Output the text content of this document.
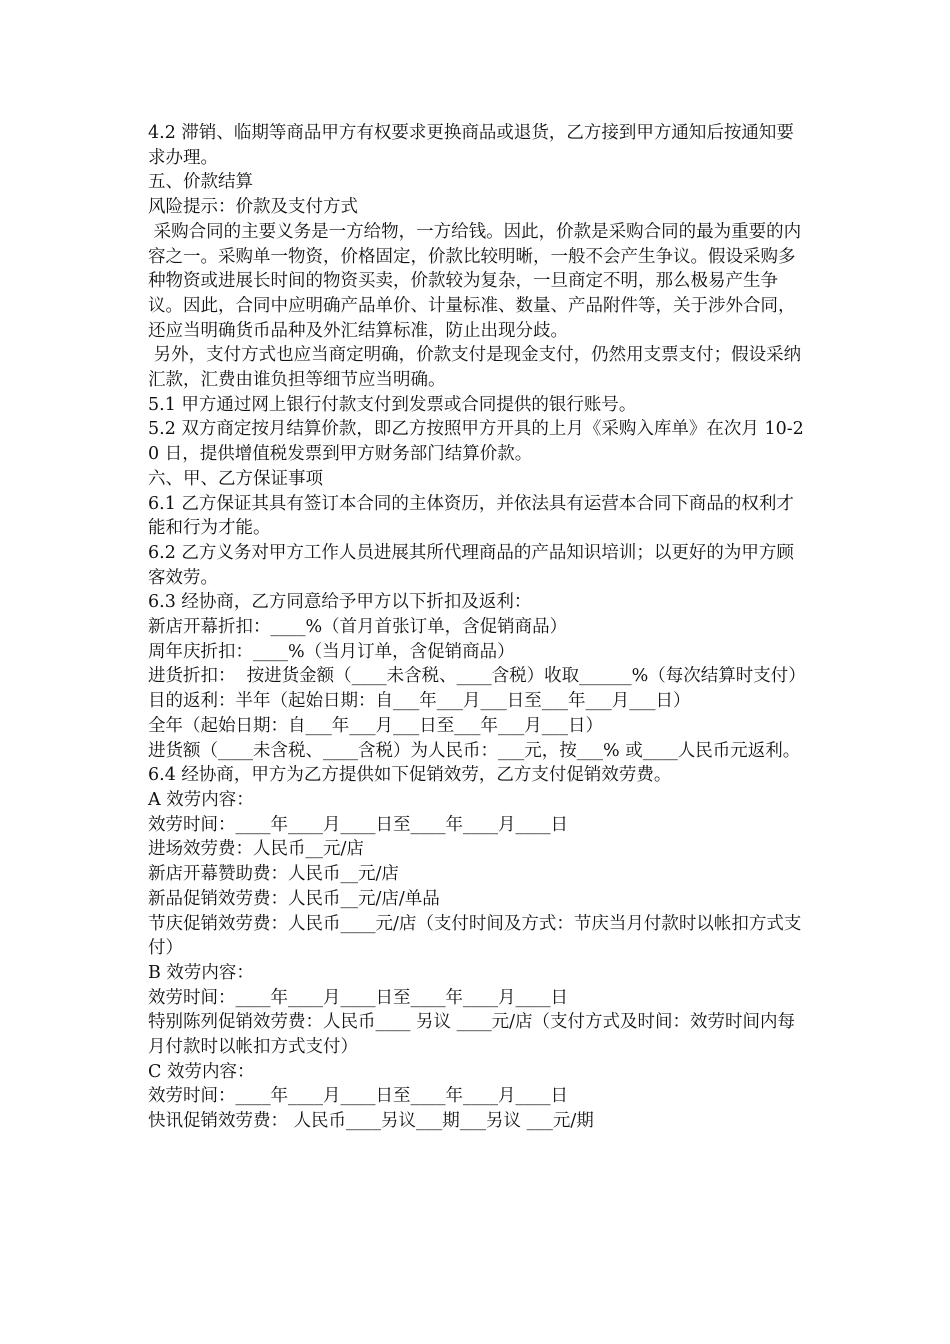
4.2 滞销、临期等商品甲方有权要求更换商品或退货，乙方接到甲方通知后按通知要求办理。

五、价款结算

风险提示：价款及支付方式

采购合同的主要义务是一方给物，一方给钱。因此，价款是采购合同的最为重要的内容之一。采购单一物资，价格固定，价款比较明晰，一般不会产生争议。假设采购多种物资或进展长时间的物资买卖，价款较为复杂，一旦商定不明，那么极易产生争议。因此，合同中应明确产品单价、计量标准、数量、产品附件等，关于涉外合同，还应当明确货币品种及外汇结算标准，防止出现分歧。

另外，支付方式也应当商定明确，价款支付是现金支付，仍然用支票支付；假设采纳汇款，汇费由谁负担等细节应当明确。

5.1 甲方通过网上银行付款支付到发票或合同提供的银行账号。

5.2 双方商定按月结算价款，即乙方按照甲方开具的上月《采购入库单》在次月 10-20 日，提供增值税发票到甲方财务部门结算价款。

六、甲、乙方保证事项

6.1 乙方保证其具有签订本合同的主体资历，并依法具有运营本合同下商品的权利才能和行为才能。

6.2 乙方义务对甲方工作人员进展其所代理商品的产品知识培训；以更好的为甲方顾客效劳。

6.3 经协商，乙方同意给予甲方以下折扣及返利：

新店开幕折扣：____%（首月首张订单，含促销商品）

周年庆折扣：____%（当月订单，含促销商品）

进货折扣：  按进货金额（____未含税、____含税）收取______%（每次结算时支付）

目的返利：半年（起始日期：自___年___月___日至___年___月___日）

全年（起始日期：自___年___月___日至___年___月___日）

进货额（____未含税、____含税）为人民币：___元，按___% 或____人民币元返利。

6.4 经协商，甲方为乙方提供如下促销效劳，乙方支付促销效劳费。

A 效劳内容：

效劳时间：____年____月____日至____年____月____日

进场效劳费：人民币__元/店

新店开幕赞助费：人民币__元/店

新品促销效劳费：人民币__元/店/单品

节庆促销效劳费：人民币____元/店（支付时间及方式：节庆当月付款时以帐扣方式支付）

B 效劳内容：

效劳时间：____年____月____日至____年____月____日

特别陈列促销效劳费：人民币____ 另议 ____元/店（支付方式及时间：效劳时间内每月付款时以帐扣方式支付）

C 效劳内容：

效劳时间：____年____月____日至____年____月____日

快讯促销效劳费： 人民币____另议___期___另议 ___元/期
